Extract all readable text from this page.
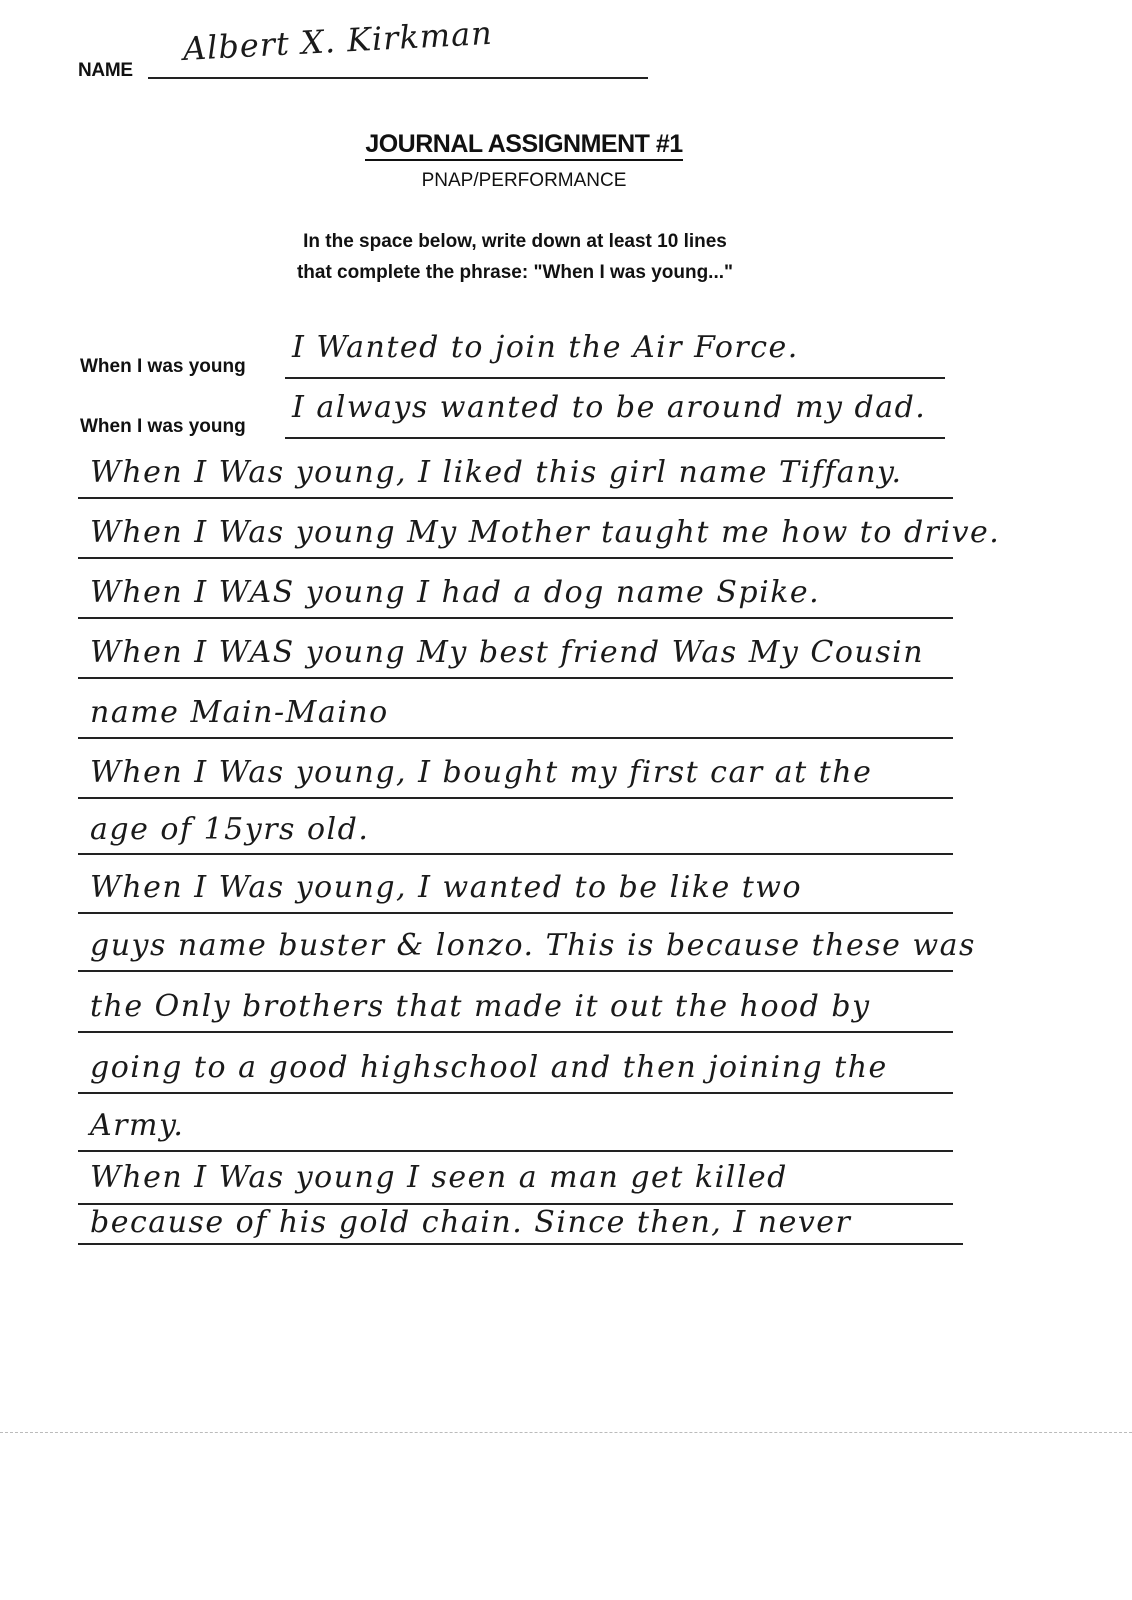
NAME
Albert X. Kirkman
JOURNAL ASSIGNMENT #1
PNAP/PERFORMANCE
In the space below, write down at least 10 lines
that complete the phrase: "When I was young..."
When I was young
I Wanted to join the Air Force.
When I was young
I always wanted to be around my dad.
When I Was young, I liked this girl name Tiffany.
When I Was young My Mother taught me how to drive.
When I WAS young I had a dog name Spike.
When I WAS young My best friend Was My Cousin
name Main-Maino
When I Was young, I bought my first car at the
age of 15yrs old.
When I Was young, I wanted to be like two
guys name buster & lonzo. This is because these was
the Only brothers that made it out the hood by
going to a good highschool and then joining the
Army.
When I Was young I seen a man get killed
because of his gold chain. Since then, I never
